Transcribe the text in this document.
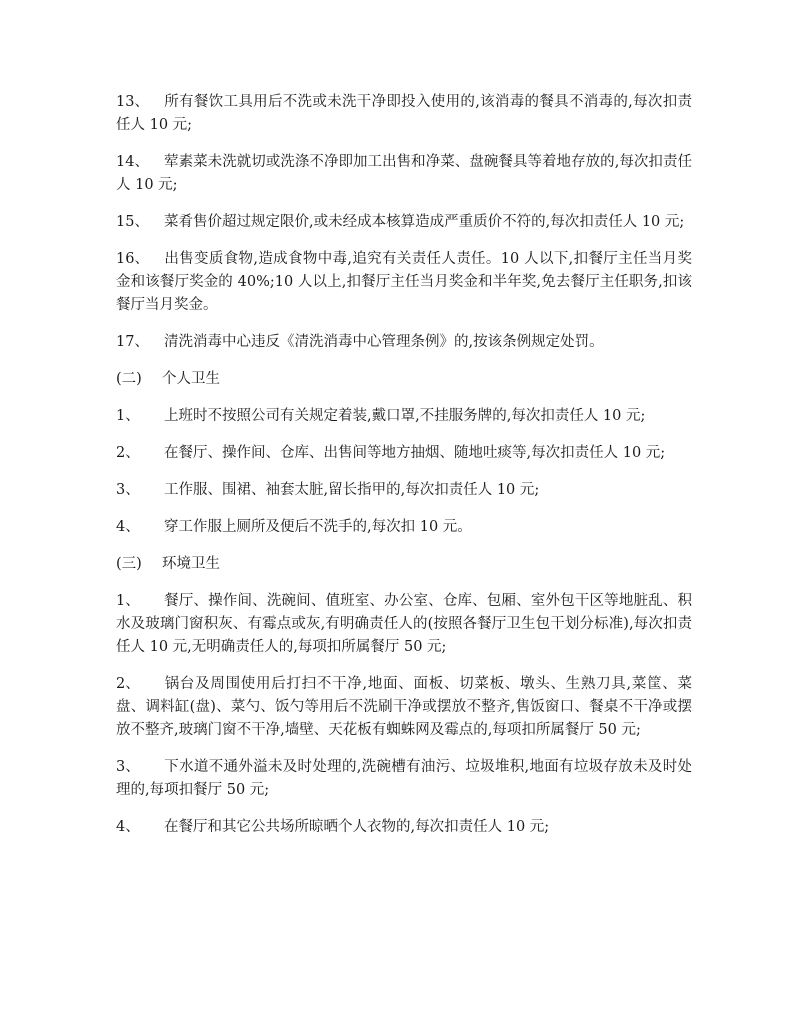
13、 所有餐饮工具用后不洗或未洗干净即投入使用的,该消毒的餐具不消毒的,每次扣责任人 10 元;

14、 荤素菜未洗就切或洗涤不净即加工出售和净菜、盘碗餐具等着地存放的,每次扣责任人 10 元;

15、 菜肴售价超过规定限价,或未经成本核算造成严重质价不符的,每次扣责任人 10 元;

16、 出售变质食物,造成食物中毒,追究有关责任人责任。10 人以下,扣餐厅主任当月奖金和该餐厅奖金的 40%;10 人以上,扣餐厅主任当月奖金和半年奖,免去餐厅主任职务,扣该餐厅当月奖金。

17、 清洗消毒中心违反《清洗消毒中心管理条例》的,按该条例规定处罚。

(二) 个人卫生

1、 上班时不按照公司有关规定着装,戴口罩,不挂服务牌的,每次扣责任人 10 元;

2、 在餐厅、操作间、仓库、出售间等地方抽烟、随地吐痰等,每次扣责任人 10 元;

3、 工作服、围裙、袖套太脏,留长指甲的,每次扣责任人 10 元;

4、 穿工作服上厕所及便后不洗手的,每次扣 10 元。

(三) 环境卫生

1、 餐厅、操作间、洗碗间、值班室、办公室、仓库、包厢、室外包干区等地脏乱、积水及玻璃门窗积灰、有霉点或灰,有明确责任人的(按照各餐厅卫生包干划分标准),每次扣责任人 10 元,无明确责任人的,每项扣所属餐厅 50 元;

2、 锅台及周围使用后打扫不干净,地面、面板、切菜板、墩头、生熟刀具,菜筐、菜盘、调料缸(盘)、菜勺、饭勺等用后不洗刷干净或摆放不整齐,售饭窗口、餐桌不干净或摆放不整齐,玻璃门窗不干净,墙壁、天花板有蜘蛛网及霉点的,每项扣所属餐厅 50 元;

3、 下水道不通外溢未及时处理的,洗碗槽有油污、垃圾堆积,地面有垃圾存放未及时处理的,每项扣餐厅 50 元;

4、 在餐厅和其它公共场所晾晒个人衣物的,每次扣责任人 10 元;
